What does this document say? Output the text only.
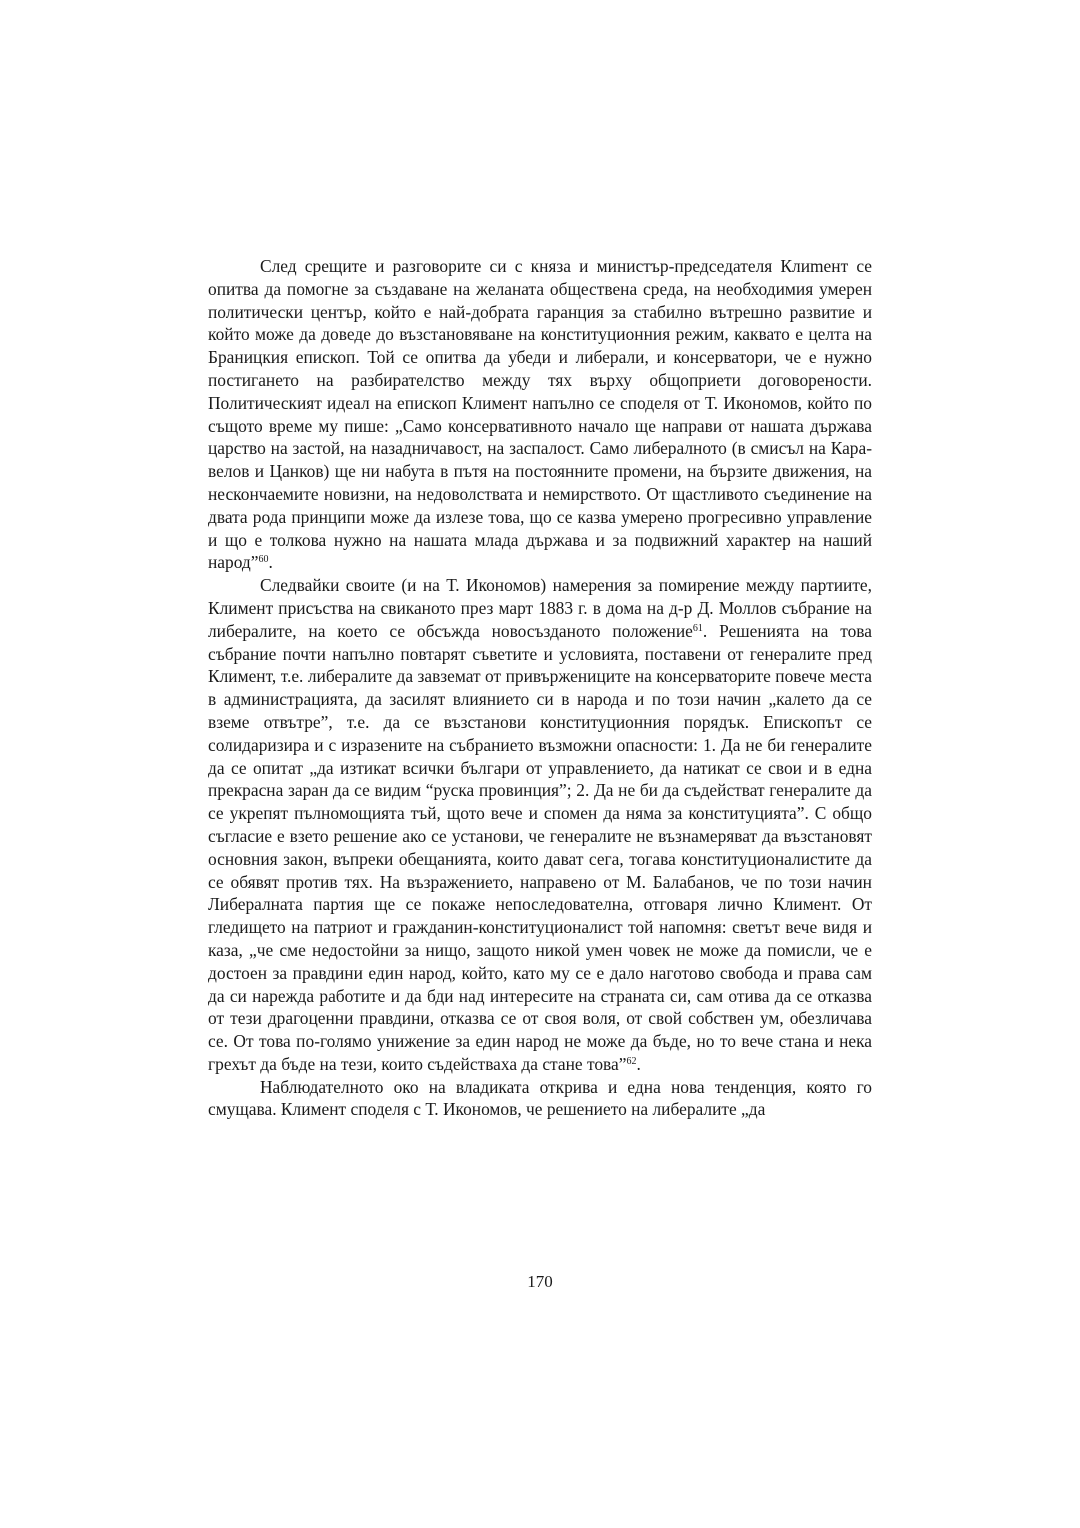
След срещите и разговорите си с княза и министър-председателя Клиmент се опитва да помогне за създаване на желаната обществена среда, на необходимия умерен политически център, който е най-добрата гаранция за стабилно вътрешно развитие и който може да доведе до възстановяване на конституционния режим, каквато е целта на Браницкия епископ. Той се опитва да убеди и либерали, и консерватори, че е нужно постигането на разбирателство между тях върху общоприети договорености. Политическият идеал на епископ Климент напълно се споделя от Т. Икономов, който по същото време му пише: „Само консервативното начало ще направи от нашата държава царство на застой, на назадничавост, на заспалост. Само либералното (в смисъл на Каравелов и Цанков) ще ни набута в пътя на постоянните промени, на бързите движения, на нескончаемите новизни, на недоволствата и немирството. От щастливото съединение на двата рода принципи може да излезе това, що се казва умерено прогресивно управление и що е толкова нужно на нашата млада държава и за подвижний характер на наший народ”$^{60}$.

Следвайки своите (и на Т. Икономов) намерения за помирение между партиите, Климент присъства на свиканото през март 1883 г. в дома на д-р Д. Моллов събрание на либералите, на което се обсъжда новосъзданото положение$^{61}$. Решенията на това събрание почти напълно повтарят съветите и условията, поставени от генералите пред Климент, т.е. либералите да завземат от привържениците на консерваторите повече места в администрацията, да засилят влиянието си в народа и по този начин „калето да се вземе отвътре”, т.е. да се възстанови конституционния порядък. Епископът се солидаризира и с изразените на събранието възможни опасности: 1. Да не би генералите да се опитат „да изтикат всички българи от управлението, да натикат се свои и в една прекрасна заран да се видим “руска провинция”; 2. Да не би да съдействат генералите да се укрепят пълномощията тъй, щото вече и спомен да няма за конституцията”. С общо съгласие е взето решение ако се установи, че генералите не възнамеряват да възстановят основния закон, въпреки обещанията, които дават сега, тогава конституционалистите да се обявят против тях. На възражението, направено от М. Балабанов, че по този начин Либералната партия ще се покаже непоследователна, отговаря лично Климент. От гледището на патриот и гражданин-конституционалист той напомня: светът вече видя и каза, „че сме недостойни за нищо, защото никой умен човек не може да помисли, че е достоен за правдини един народ, който, като му се е дало наготово свобода и права сам да си нарежда работите и да бди над интересите на страната си, сам отива да се отказва от тези драгоценни правдини, отказва се от своя воля, от свой собствен ум, обезличава се. От това по-голямо унижение за един народ не може да бъде, но то вече стана и нека грехът да бъде на тези, които съдействаха да стане това”$^{62}$.

Наблюдателното око на владиката открива и една нова тенденция, която го смущава. Климент споделя с Т. Икономов, че решението на либералите „да

170
